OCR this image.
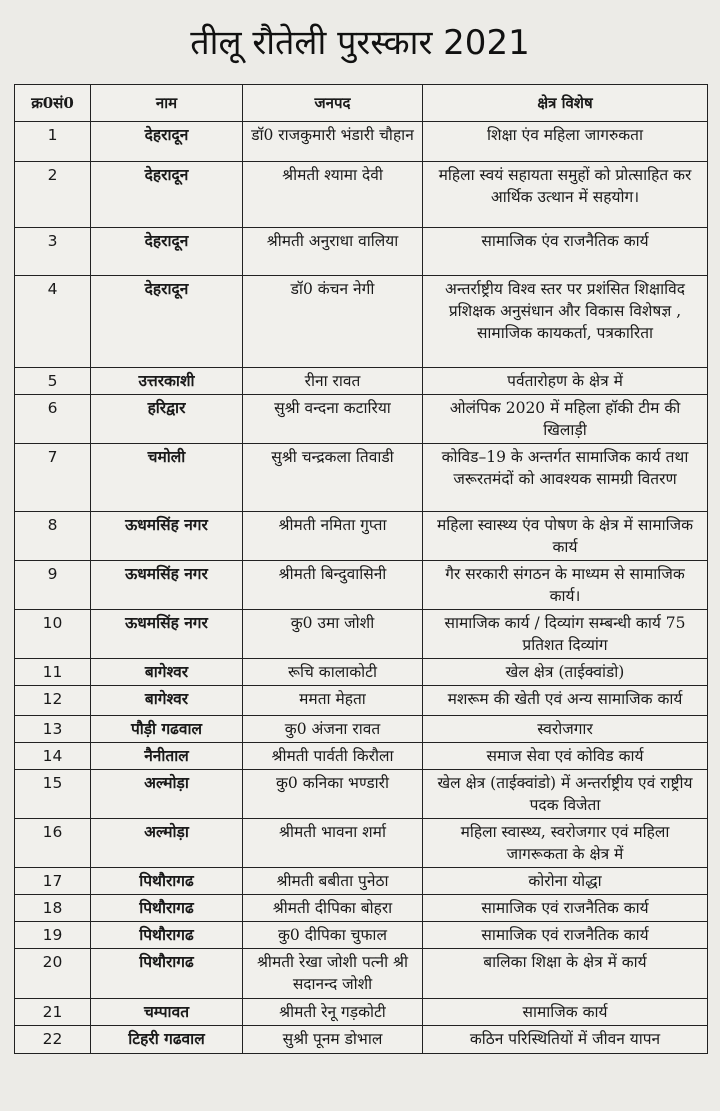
तीलू रौतेली पुरस्कार 2021
क्र0सं0	नाम	जनपद	क्षेत्र विशेष
1	देहरादून	डॉ0 राजकुमारी भंडारी चौहान	शिक्षा एंव महिला जागरुकता
2	देहरादून	श्रीमती श्यामा देवी	महिला स्वयं सहायता समुहों को प्रोत्साहित कर आर्थिक उत्थान में सहयोग।
3	देहरादून	श्रीमती अनुराधा वालिया	सामाजिक एंव राजनैतिक कार्य
4	देहरादून	डॉ0 कंचन नेगी	अन्तर्राष्ट्रीय विश्व स्तर पर प्रशंसित शिक्षाविद प्रशिक्षक अनुसंधान और विकास विशेषज्ञ , सामाजिक कायकर्ता, पत्रकारिता
5	उत्तरकाशी	रीना रावत	पर्वतारोहण के क्षेत्र में
6	हरिद्वार	सुश्री वन्दना कटारिया	ओलंपिक 2020 में महिला हॉकी टीम की खिलाड़ी
7	चमोली	सुश्री चन्द्रकला तिवाडी	कोविड–19 के अन्तर्गत सामाजिक कार्य तथा जरूरतमंदों को आवश्यक सामग्री वितरण
8	ऊधमसिंह नगर	श्रीमती नमिता गुप्ता	महिला स्वास्थ्य एंव पोषण के क्षेत्र में सामाजिक कार्य
9	ऊधमसिंह नगर	श्रीमती बिन्दुवासिनी	गैर सरकारी संगठन के माध्यम से सामाजिक कार्य।
10	ऊधमसिंह नगर	कु0 उमा जोशी	सामाजिक कार्य / दिव्यांग सम्बन्धी कार्य 75 प्रतिशत दिव्यांग
11	बागेश्वर	रूचि कालाकोटी	खेल क्षेत्र (ताईक्वांडो)
12	बागेश्वर	ममता मेहता	मशरूम की खेती एवं अन्य सामाजिक कार्य
13	पौड़ी गढवाल	कु0 अंजना रावत	स्वरोजगार
14	नैनीताल	श्रीमती पार्वती किरौला	समाज सेवा एवं कोविड कार्य
15	अल्मोड़ा	कु0 कनिका भण्डारी	खेल क्षेत्र (ताईक्वांडो) में अन्तर्राष्ट्रीय एवं राष्ट्रीय पदक विजेता
16	अल्मोड़ा	श्रीमती भावना शर्मा	महिला स्वास्थ्य, स्वरोजगार एवं महिला जागरूकता के क्षेत्र में
17	पिथौरागढ	श्रीमती बबीता पुनेठा	कोरोना योद्धा
18	पिथौरागढ	श्रीमती दीपिका बोहरा	सामाजिक एवं राजनैतिक कार्य
19	पिथौरागढ	कु0 दीपिका चुफाल	सामाजिक एवं राजनैतिक कार्य
20	पिथौरागढ	श्रीमती रेखा जोशी पत्नी श्री सदानन्द जोशी	बालिका शिक्षा के क्षेत्र में कार्य
21	चम्पावत	श्रीमती रेनू गड़कोटी	सामाजिक कार्य
22	टिहरी गढवाल	सुश्री पूनम डोभाल	कठिन परिस्थितियों में जीवन यापन
